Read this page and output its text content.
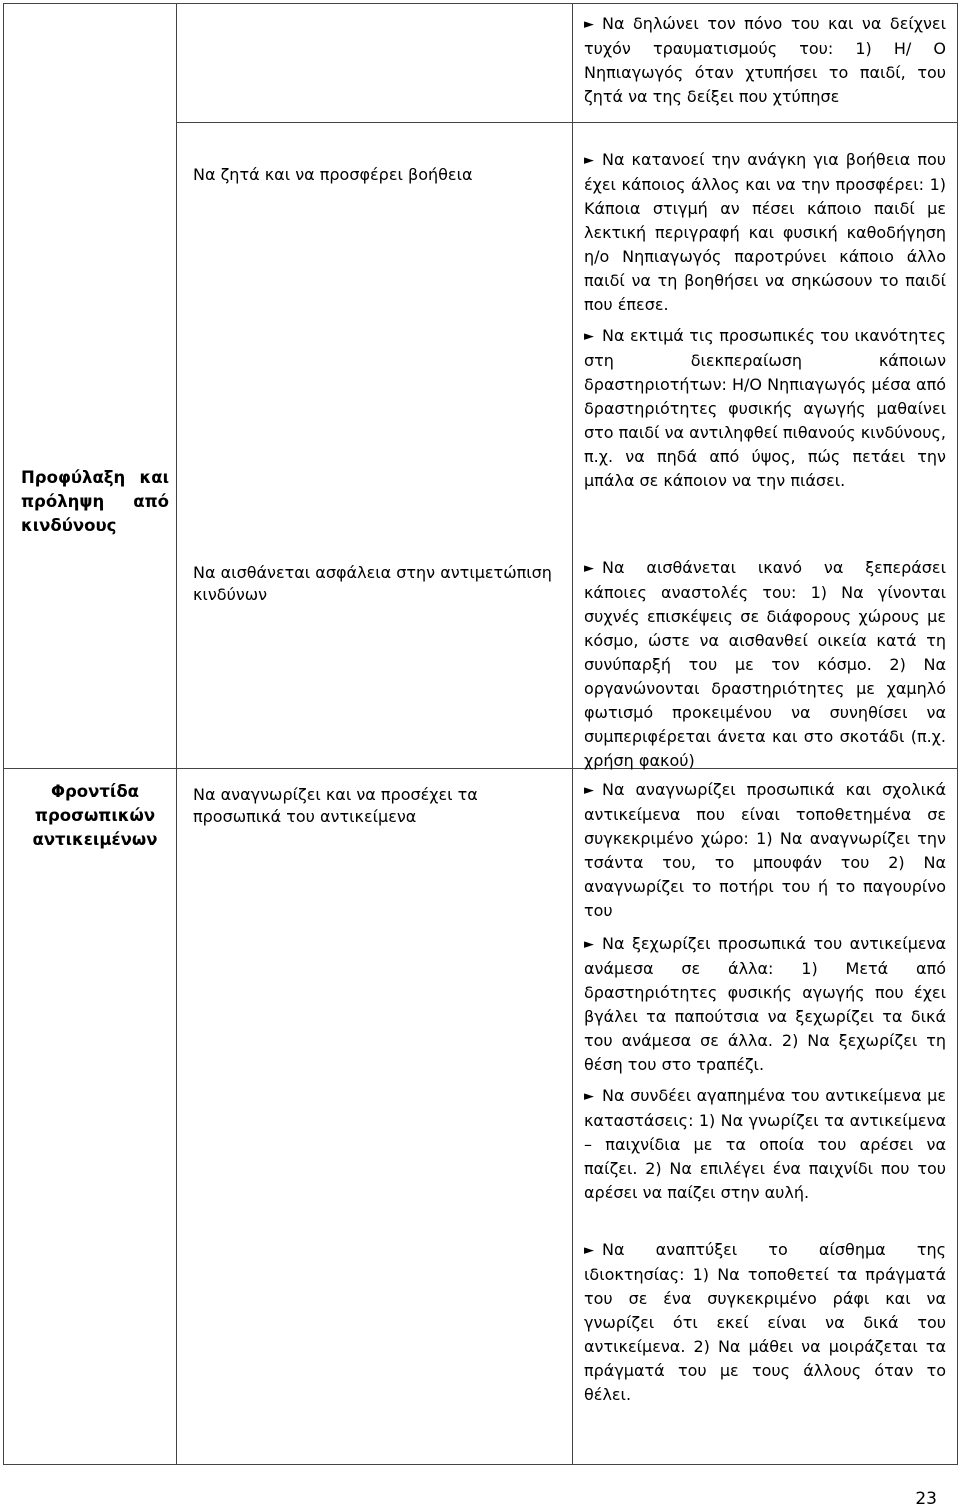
Προφύλαξη και πρόληψη από κινδύνους
Φροντίδα προσωπικών αντικειμένων
Να ζητά και να προσφέρει βοήθεια
Να αισθάνεται ασφάλεια στην αντιμετώπιση κινδύνων
Να αναγνωρίζει και να προσέχει τα προσωπικά του αντικείμενα
► Να δηλώνει τον πόνο του και να δείχνει τυχόν τραυματισμούς του: 1) Η/ Ο Νηπιαγωγός όταν χτυπήσει το παιδί, του ζητά να της δείξει που χτύπησε
► Να κατανοεί την ανάγκη για βοήθεια που έχει κάποιος άλλος και να την προσφέρει: 1) Κάποια στιγμή αν πέσει κάποιο παιδί με λεκτική περιγραφή και φυσική καθοδήγηση η/ο Νηπιαγωγός παροτρύνει κάποιο άλλο παιδί να τη βοηθήσει να σηκώσουν το παιδί που έπεσε.
► Να εκτιμά τις προσωπικές του ικανότητες στη διεκπεραίωση κάποιων δραστηριοτήτων: Η/Ο Νηπιαγωγός μέσα από δραστηριότητες φυσικής αγωγής μαθαίνει στο παιδί να αντιληφθεί πιθανούς κινδύνους, π.χ. να πηδά από ύψος, πώς πετάει την μπάλα σε κάποιον να την πιάσει.
► Να αισθάνεται ικανό να ξεπεράσει κάποιες αναστολές του: 1) Να γίνονται συχνές επισκέψεις σε διάφορους χώρους με κόσμο, ώστε να αισθανθεί οικεία κατά τη συνύπαρξή του με τον κόσμο. 2) Να οργανώνονται δραστηριότητες με χαμηλό φωτισμό προκειμένου να συνηθίσει να συμπεριφέρεται άνετα και στο σκοτάδι (π.χ. χρήση φακού)
► Να αναγνωρίζει προσωπικά και σχολικά αντικείμενα που είναι τοποθετημένα σε συγκεκριμένο χώρο: 1) Να αναγνωρίζει την τσάντα του, το μπουφάν του 2) Να αναγνωρίζει το ποτήρι του ή το παγουρίνο του
► Να ξεχωρίζει προσωπικά του αντικείμενα ανάμεσα σε άλλα: 1) Μετά από δραστηριότητες φυσικής αγωγής που έχει βγάλει τα παπούτσια να ξεχωρίζει τα δικά του ανάμεσα σε άλλα. 2) Να ξεχωρίζει τη θέση του στο τραπέζι.
► Να συνδέει αγαπημένα του αντικείμενα με καταστάσεις: 1) Να γνωρίζει τα αντικείμενα – παιχνίδια με τα οποία του αρέσει να παίζει. 2) Να επιλέγει ένα παιχνίδι που του αρέσει να παίζει στην αυλή.
► Να αναπτύξει το αίσθημα της ιδιοκτησίας: 1) Να τοποθετεί τα πράγματά του σε ένα συγκεκριμένο ράφι και να γνωρίζει ότι εκεί είναι να δικά του αντικείμενα. 2) Να μάθει να μοιράζεται τα πράγματά του με τους άλλους όταν το θέλει.
23
